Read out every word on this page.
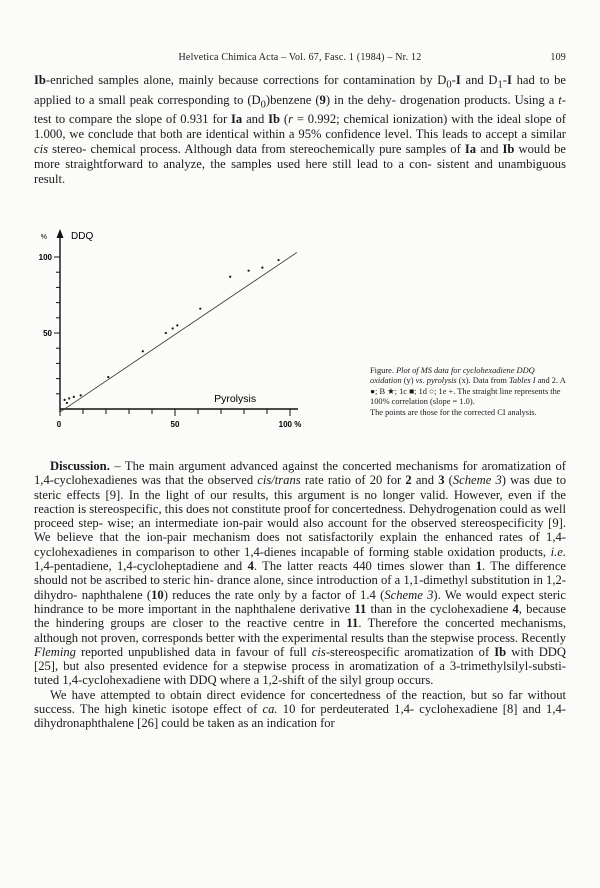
Helvetica Chimica Acta – Vol. 67, Fasc. 1 (1984) – Nr. 12	109

Ib-enriched samples alone, mainly because corrections for contamination by $D_0-I$ and $D_1-I$ had to be applied to a small peak corresponding to $(D_0)benzene$ (9) in the dehy- drogenation products. Using a t-test to compare the slope of 0.931 for Ia and Ib (r = 0.992; chemical ionization) with the ideal slope of 1.000, we conclude that both are identical within a 95% confidence level. This leads to accept a similar cis stereo- chemical process. Although data from stereochemically pure samples of Ia and Ib would be more straightforward to analyze, the samples used here still lead to a con- sistent and unambiguous result.

0	50	100 %
100
50
% DDQ
Pyrolysis
Figure. Plot of MS data for cyclohexadiene DDQ oxidation (y) vs. pyrolysis (x). Data from Tables I and 2. A ●; B ★; 1c ■; 1d ○; 1e +. The straight line represents the 100% correlation (slope = 1.0).
The points are those for the corrected CI analysis.

Discussion. – The main argument advanced against the concerted mechanisms for aromatization of 1,4-cyclohexadienes was that the observed cis/trans rate ratio of 20 for 2 and 3 (Scheme 3) was due to steric effects [9]. In the light of our results, this argument is no longer valid. However, even if the reaction is stereospecific, this does not constitute proof for concertedness. Dehydrogenation could as well proceed step- wise; an intermediate ion-pair would also account for the observed stereospecificity [9]. We believe that the ion-pair mechanism does not satisfactorily explain the enhanced rates of 1,4-cyclohexadienes in comparison to other 1,4-dienes incapable of forming stable oxidation products, i.e. 1,4-pentadiene, 1,4-cycloheptadiene and 4. The latter reacts 440 times slower than 1. The difference should not be ascribed to steric hin- drance alone, since introduction of a 1,1-dimethyl substitution in 1,2-dihydro- naphthalene (10) reduces the rate only by a factor of 1.4 (Scheme 3). We would expect steric hindrance to be more important in the naphthalene derivative 11 than in the cyclohexadiene 4, because the hindering groups are closer to the reactive centre in 11. Therefore the concerted mechanisms, although not proven, corresponds better with the experimental results than the stepwise process. Recently Fleming reported unpublished data in favour of full cis-stereospecific aromatization of Ib with DDQ [25], but also presented evidence for a stepwise process in aromatization of a 3-trimethylsilyl-substi- tuted 1,4-cyclohexadiene with DDQ where a 1,2-shift of the silyl group occurs.

We have attempted to obtain direct evidence for concertedness of the reaction, but so far without success. The high kinetic isotope effect of ca. 10 for perdeuterated 1,4- cyclohexadiene [8] and 1,4-dihydronaphthalene [26] could be taken as an indication for
